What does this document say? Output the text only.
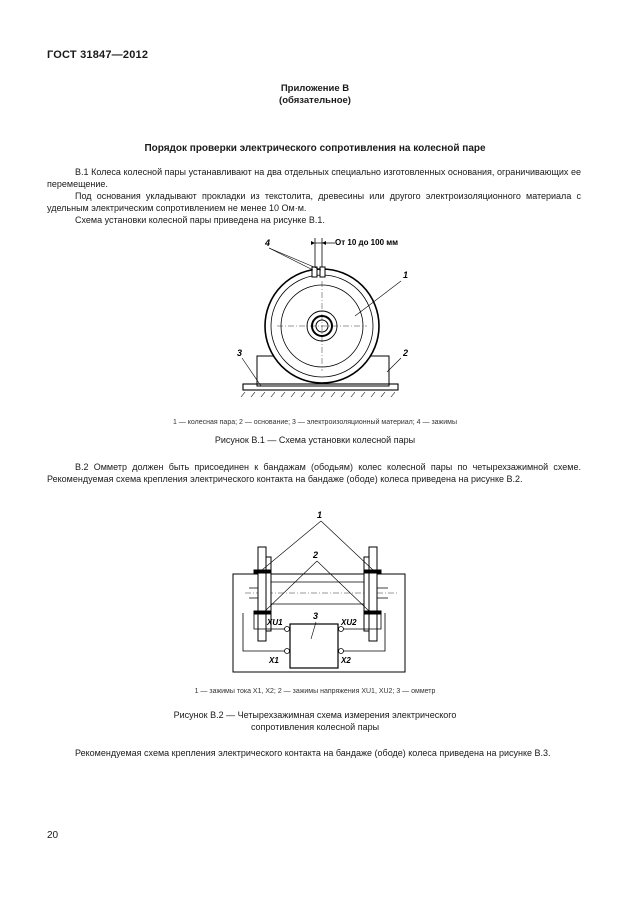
ГОСТ 31847—2012
Приложение В
(обязательное)
Порядок проверки электрического сопротивления на колесной паре
В.1 Колеса колесной пары устанавливают на два отдельных специально изготовленных основания, ограничивающих ее перемещение.
Под основания укладывают прокладки из текстолита, древесины или другого электроизоляционного материала с удельным электрическим сопротивлением не менее 10 Ом·м.
Схема установки колесной пары приведена на рисунке В.1.
От 10 до 100 мм
4
1
3	2
1 — колесная пара; 2 — основание; 3 — электроизоляционный материал; 4 — зажимы
Рисунок В.1 — Схема установки колесной пары
В.2 Омметр должен быть присоединен к бандажам (ободьям) колес колесной пары по четырехзажимной схеме. Рекомендуемая схема крепления электрического контакта на бандаже (ободе) колеса приведена на рисунке В.2.
XU1	XU2
X1	X2
1
2
3
1 — зажимы тока X1, X2; 2 — зажимы напряжения XU1, XU2; 3 — омметр
Рисунок В.2 — Четырехзажимная схема измерения электрического
сопротивления колесной пары
Рекомендуемая схема крепления электрического контакта на бандаже (ободе) колеса приведена на рисунке В.3.
20
